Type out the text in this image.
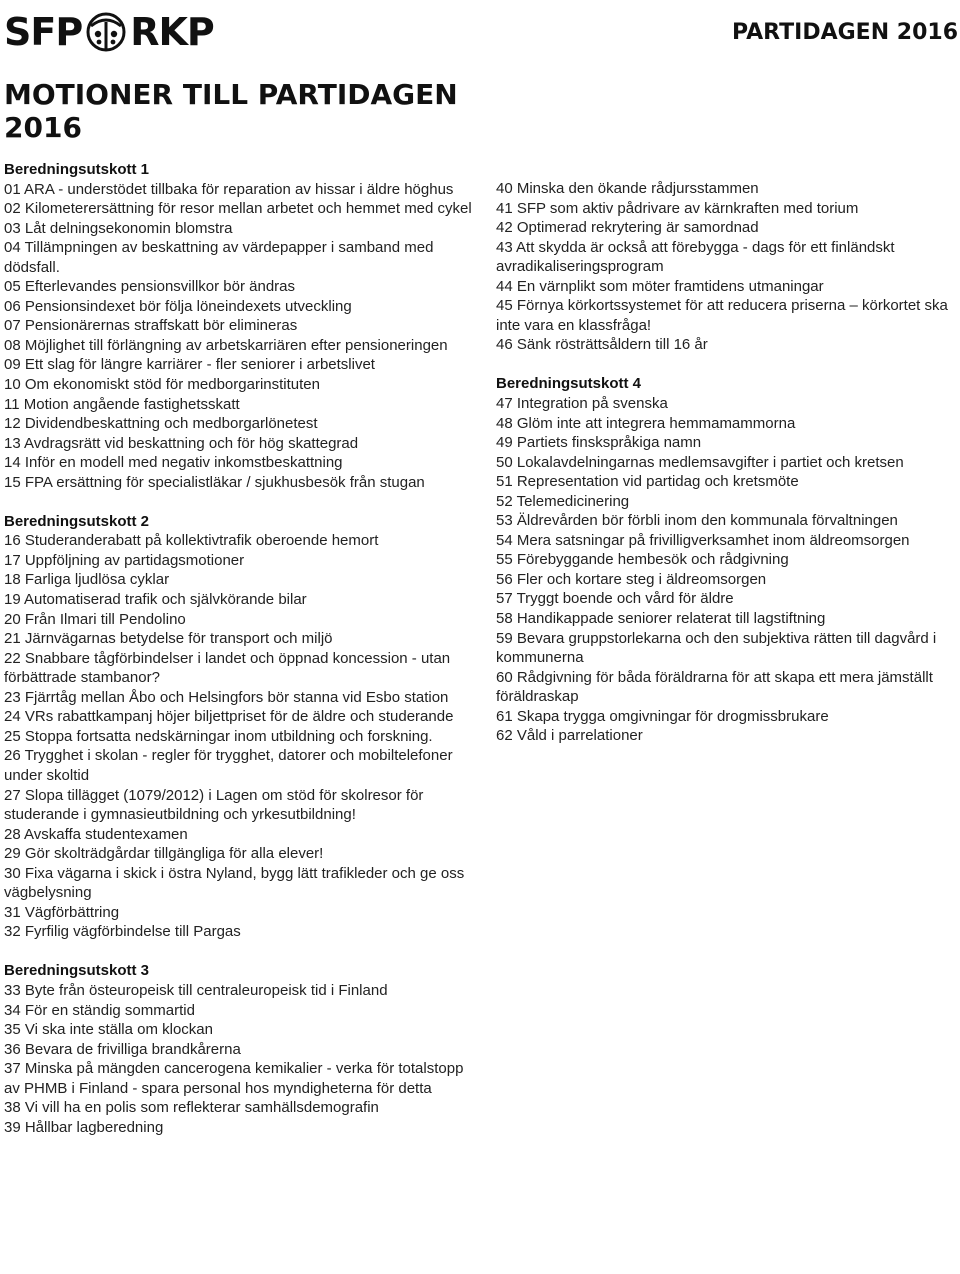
SFP RKP	PARTIDAGEN 2016
MOTIONER TILL PARTIDAGEN 2016
Beredningsutskott 1
01 ARA - understödet tillbaka för reparation av hissar i äldre höghus
02 Kilometerersättning för resor mellan arbetet och hemmet med cykel
03 Låt delningsekonomin blomstra
04 Tillämpningen av beskattning av värdepapper i samband med dödsfall.
05 Efterlevandes pensionsvillkor bör ändras
06 Pensionsindexet bör följa löneindexets utveckling
07 Pensionärernas straffskatt bör elimineras
08 Möjlighet till förlängning av arbetskarriären efter pensioneringen
09 Ett slag för längre karriärer - fler seniorer i arbetslivet
10 Om ekonomiskt stöd för medborgarinstituten
11 Motion angående fastighetsskatt
12 Dividendbeskattning och medborgarlönetest
13 Avdragsrätt vid beskattning och för hög skattegrad
14 Inför en modell med negativ inkomstbeskattning
15 FPA ersättning för specialistläkar / sjukhusbesök från stugan
Beredningsutskott 2
16 Studeranderabatt på kollektivtrafik oberoende hemort
17 Uppföljning av partidagsmotioner
18 Farliga ljudlösa cyklar
19 Automatiserad trafik och självkörande bilar
20 Från Ilmari till Pendolino
21 Järnvägarnas betydelse för transport och miljö
22 Snabbare tågförbindelser i landet och öppnad koncession - utan förbättrade stambanor?
23 Fjärrtåg mellan Åbo och Helsingfors bör stanna vid Esbo station
24 VRs rabattkampanj höjer biljettpriset för de äldre och studerande
25 Stoppa fortsatta nedskärningar inom utbildning och forskning.
26 Trygghet i skolan - regler för trygghet, datorer och mobiltelefoner under skoltid
27 Slopa tillägget (1079/2012) i Lagen om stöd för skolresor för studerande i gymnasieutbildning och yrkesutbildning!
28 Avskaffa studentexamen
29 Gör skolträdgårdar tillgängliga för alla elever!
30 Fixa vägarna i skick i östra Nyland, bygg lätt trafikleder och ge oss vägbelysning
31 Vägförbättring
32 Fyrfilig vägförbindelse till Pargas
Beredningsutskott 3
33 Byte från östeuropeisk till centraleuropeisk tid i Finland
34 För en ständig sommartid
35 Vi ska inte ställa om klockan
36 Bevara de frivilliga brandkårerna
37 Minska på mängden cancerogena kemikalier - verka för totalstopp av PHMB i Finland - spara personal hos myndigheterna för detta
38 Vi vill ha en polis som reflekterar samhällsdemografin
39 Hållbar lagberedning
40 Minska den ökande rådjursstammen
41 SFP som aktiv pådrivare av kärnkraften med torium
42 Optimerad rekrytering är samordnad
43 Att skydda är också att förebygga - dags för ett finländskt avradikaliseringsprogram
44 En värnplikt som möter framtidens utmaningar
45 Förnya körkortssystemet för att reducera priserna – körkortet ska inte vara en klassfråga!
46 Sänk rösträttsåldern till 16 år
Beredningsutskott 4
47 Integration på svenska
48 Glöm inte att integrera hemmamammorna
49 Partiets finskspråkiga namn
50 Lokalavdelningarnas medlemsavgifter i partiet och kretsen
51 Representation vid partidag och kretsmöte
52 Telemedicinering
53 Äldrevården bör förbli inom den kommunala förvaltningen
54 Mera satsningar på frivilligverksamhet inom äldreomsorgen
55 Förebyggande hembesök och rådgivning
56 Fler och kortare steg i äldreomsorgen
57 Tryggt boende och vård för äldre
58 Handikappade seniorer relaterat till lagstiftning
59 Bevara gruppstorlekarna och den subjektiva rätten till dagvård i kommunerna
60 Rådgivning för båda föräldrarna för att skapa ett mera jämställt föräldraskap
61 Skapa trygga omgivningar för drogmissbrukare
62 Våld i parrelationer
